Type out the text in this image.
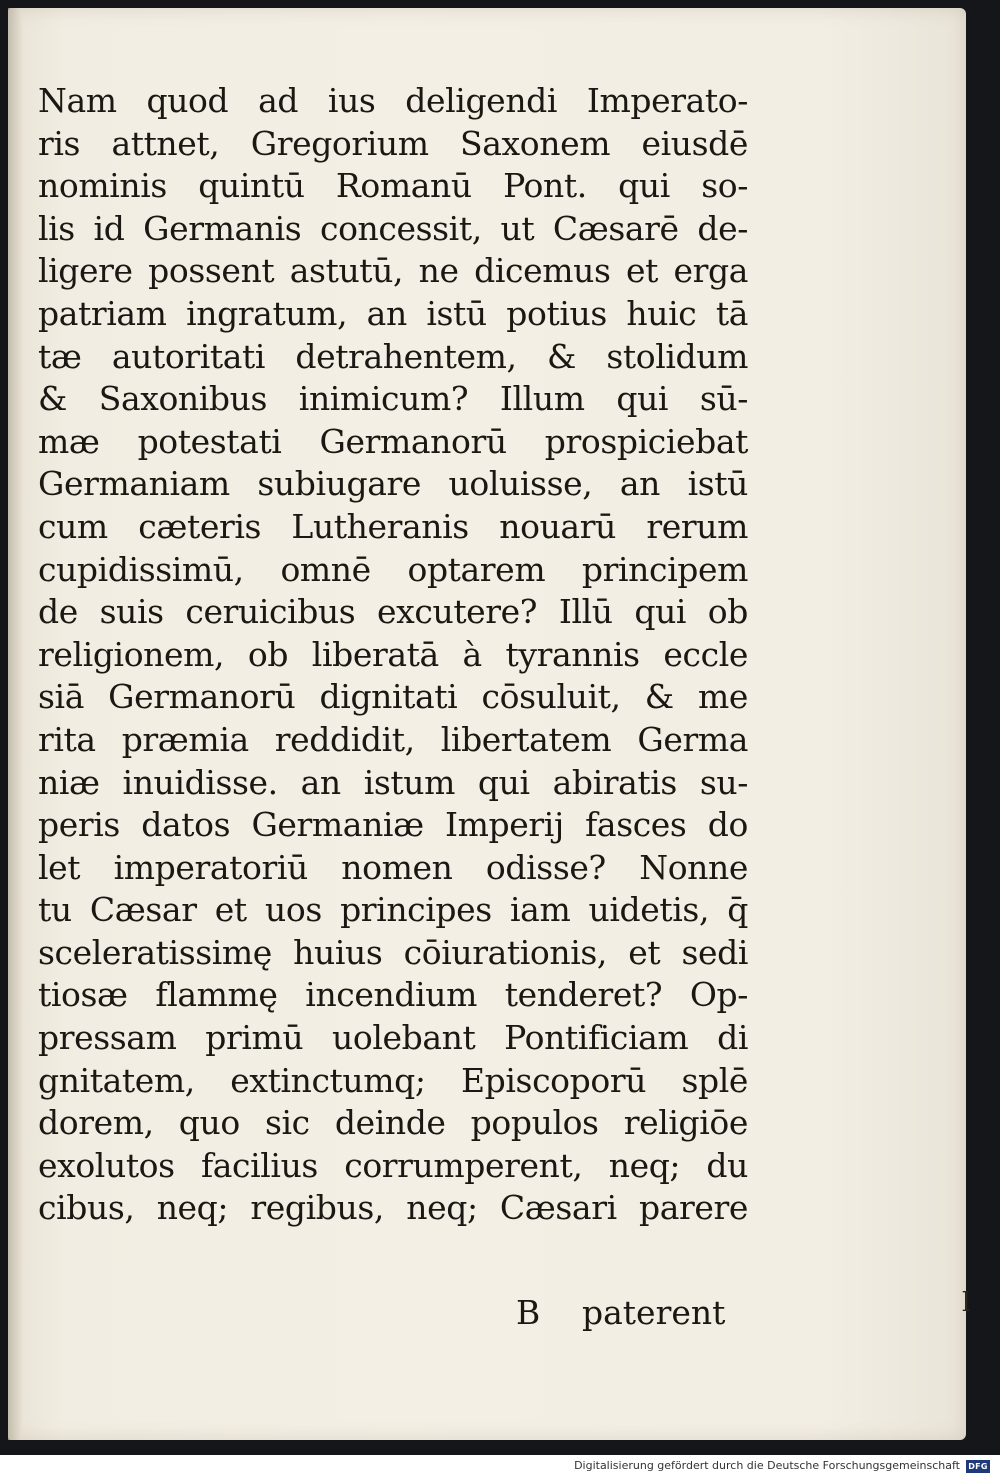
Nam quod ad ius deligendi Imperato-
ris attnet, Gregorium Saxonem eiusdē
nominis quintū Romanū Pont. qui so-
lis id Germanis concessit, ut Cæsarē de-
ligere possent astutū, ne dicemus et erga
patriam ingratum, an istū potius huic tā
tæ autoritati detrahentem, & stolidum
& Saxonibus inimicum? Illum qui sū-
mæ potestati Germanorū prospiciebat
Germaniam subiugare uoluisse, an istū
cum cæteris Lutheranis nouarū rerum
cupidissimū, omnē optarem principem
de suis ceruicibus excutere? Illū qui ob
religionem, ob liberatā à tyrannis eccle
siā Germanorū dignitati cōsuluit, & me
rita præmia reddidit, libertatem Germa
niæ inuidisse. an istum qui abiratis su-
peris datos Germaniæ Imperij fasces do
let imperatoriū nomen odisse? Nonne
tu Cæsar et uos principes iam uidetis, q̄
sceleratissimę huius cōiurationis, et sedi
tiosæ flammę incendium tenderet? Op-
pressam primū uolebant Pontificiam di
gnitatem, extinctumq; Episcoporū splē
dorem, quo sic deinde populos religiōe
exolutos facilius corrumperent, neq; du
cibus, neq; regibus, neq; Cæsari parere
B paterent	l
Digitalisierung gefördert durch die Deutsche Forschungsgemeinschaft DFG
